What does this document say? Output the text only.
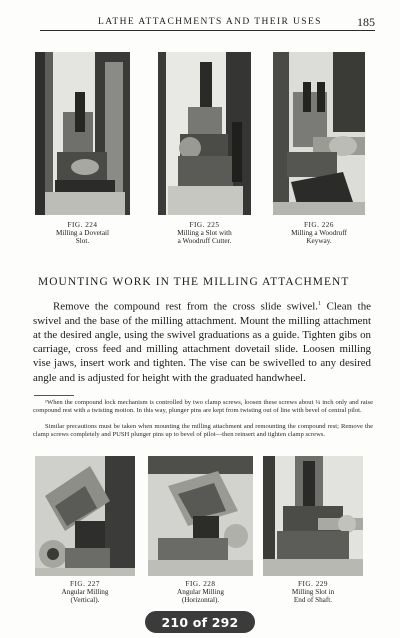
LATHE ATTACHMENTS AND THEIR USES	185
FIG. 224
Milling a Dovetail
Slot.
FIG. 225
Milling a Slot with
a Woodruff Cutter.
FIG. 226
Milling a Woodruff
Keyway.
MOUNTING WORK IN THE MILLING ATTACHMENT

Remove the compound rest from the cross slide swivel.$^1$ Clean the swivel and the base of the milling attachment. Mount the milling attachment at the desired angle, using the swivel graduations as a guide. Tighten gibs on carriage, cross feed and milling attachment dovetail slide. Loosen milling vise jaws, insert work and tighten. The vise can be swivelled to any desired angle and is adjusted for height with the graduated handwheel.

¹When the compound lock mechanism is controlled by two clamp screws, loosen these screws about ¼ inch only and raise compound rest with a twisting motion. In this way, plunger pins are kept from twisting out of line with bevel of central pilot.

Similar precautions must be taken when mounting the milling attachment and remounting the compound rest; Remove the clamp screws completely and PUSH plunger pins up to bevel of pilot—then reinsert and tighten clamp screws.

FIG. 227
Angular Milling
(Vertical).
FIG. 228
Angular Milling
(Horizontal).
FIG. 229
Milling Slot in
End of Shaft.
210 of 292
